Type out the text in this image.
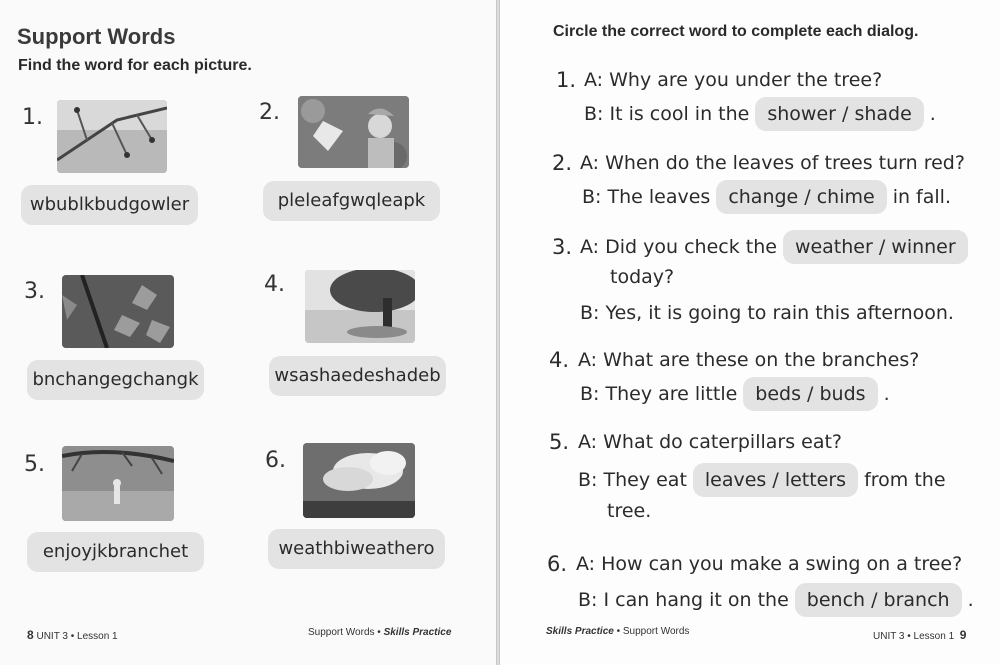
Support Words
Find the word for each picture.
1.
wbublkbudgowler
2.
pleleafgwqleapk
3.
bnchangegchangk
4.
wsashaedeshadeb
5.
enjoyjkbranchet
6.
weathbiweathero
8 UNIT 3 • Lesson 1	Support Words • Skills Practice
Circle the correct word to complete each dialog.
1. A: Why are you under the tree?
B: It is cool in the shower / shade .
2. A: When do the leaves of trees turn red?
B: The leaves change / chime in fall.
3. A: Did you check the weather / winner
today?
B: Yes, it is going to rain this afternoon.
4. A: What are these on the branches?
B: They are little beds / buds .
5. A: What do caterpillars eat?
B: They eat leaves / letters from the
tree.
6. A: How can you make a swing on a tree?
B: I can hang it on the bench / branch .
Skills Practice • Support Words	UNIT 3 • Lesson 1 9
